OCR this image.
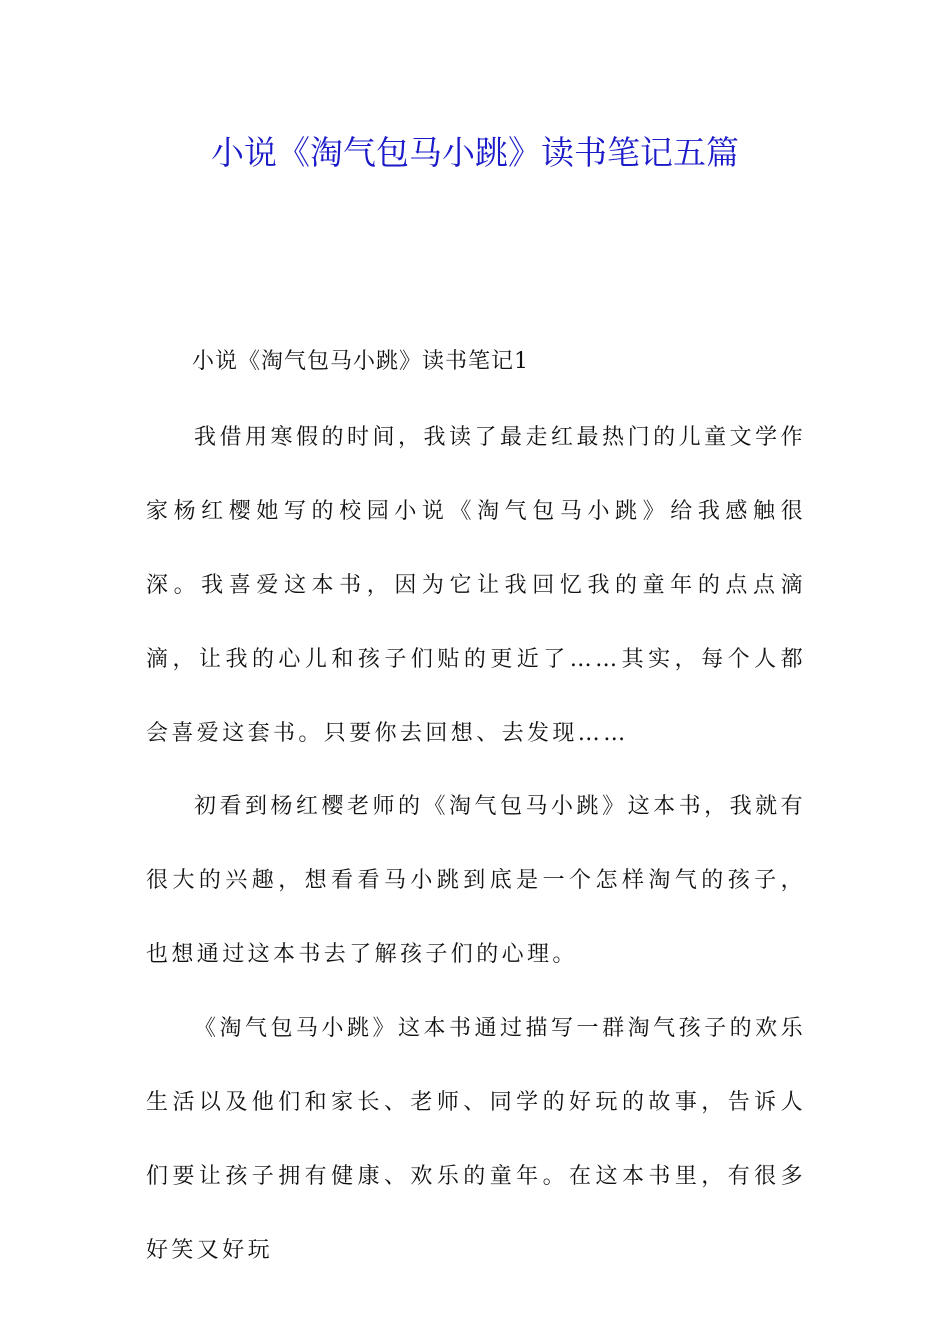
小说《淘气包马小跳》读书笔记五篇

小说《淘气包马小跳》读书笔记1

我借用寒假的时间，我读了最走红最热门的儿童文学作家杨红樱她写的校园小说《淘气包马小跳》给我感触很深。我喜爱这本书，因为它让我回忆我的童年的点点滴滴，让我的心儿和孩子们贴的更近了……其实，每个人都会喜爱这套书。只要你去回想、去发现……

初看到杨红樱老师的《淘气包马小跳》这本书，我就有很大的兴趣，想看看马小跳到底是一个怎样淘气的孩子，也想通过这本书去了解孩子们的心理。

《淘气包马小跳》这本书通过描写一群淘气孩子的欢乐生活以及他们和家长、老师、同学的好玩的故事，告诉人们要让孩子拥有健康、欢乐的童年。在这本书里，有很多好笑又好玩
